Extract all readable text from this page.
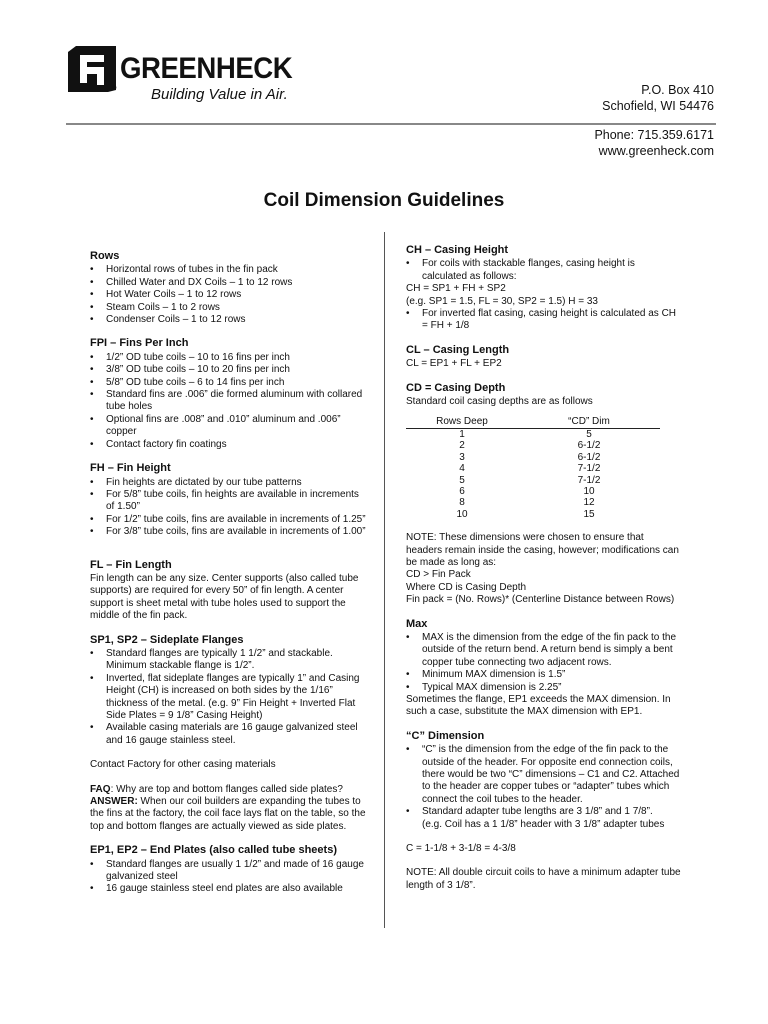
GREENHECK
® Building Value in Air.	P.O. Box 410
Schofield, WI 54476
Phone: 715.359.6171
www.greenheck.com
Coil Dimension Guidelines
Rows
• Horizontal rows of tubes in the fin pack
• Chilled Water and DX Coils – 1 to 12 rows
• Hot Water Coils – 1 to 12 rows
• Steam Coils – 1 to 2 rows
• Condenser Coils – 1 to 12 rows
FPI – Fins Per Inch
• 1/2” OD tube coils – 10 to 16 fins per inch
• 3/8” OD tube coils – 10 to 20 fins per inch
• 5/8” OD tube coils – 6 to 14 fins per inch
• Standard fins are .006” die formed aluminum with collared tube holes
• Optional fins are .008” and .010” aluminum and .006” copper
• Contact factory fin coatings
FH – Fin Height
• Fin heights are dictated by our tube patterns
• For 5/8” tube coils, fin heights are available in increments of 1.50”
• For 1/2” tube coils, fins are available in increments of 1.25”
• For 3/8” tube coils, fins are available in increments of 1.00”
FL – Fin Length

Fin length can be any size. Center supports (also called tube supports) are required for every 50” of fin length. A center support is sheet metal with tube holes used to support the middle of the fin pack.

SP1, SP2 – Sideplate Flanges
• Standard flanges are typically 1 1/2” and stackable. Minimum stackable flange is 1/2”.
• Inverted, flat sideplate flanges are typically 1” and Casing Height (CH) is increased on both sides by the 1/16” thickness of the metal. (e.g. 9” Fin Height + Inverted Flat Side Plates = 9 1/8” Casing Height)
• Available casing materials are 16 gauge galvanized steel and 16 gauge stainless steel.

Contact Factory for other casing materials

FAQ: Why are top and bottom flanges called side plates?

ANSWER: When our coil builders are expanding the tubes to the fins at the factory, the coil face lays flat on the table, so the top and bottom flanges are actually viewed as side plates.

EP1, EP2 – End Plates (also called tube sheets)
• Standard flanges are usually 1 1/2” and made of 16 gauge galvanized steel
• 16 gauge stainless steel end plates are also available
CH – Casing Height
• For coils with stackable flanges, casing height is calculated as follows:

CH = SP1 + FH + SP2

(e.g. SP1 = 1.5, FL = 30, SP2 = 1.5) H = 33

• For inverted flat casing, casing height is calculated as CH = FH + 1/8
CL – Casing Length

CL = EP1 + FL + EP2

CD = Casing Depth

Standard coil casing depths are as follows

Rows Deep	“CD” Dim
1	5
2	6-1/2
3	6-1/2
4	7-1/2
5	7-1/2
6	10
8	12
10	15

NOTE: These dimensions were chosen to ensure that headers remain inside the casing, however; modifications can be made as long as:

CD > Fin Pack

Where CD is Casing Depth

Fin pack = (No. Rows)* (Centerline Distance between Rows)

Max
• MAX is the dimension from the edge of the fin pack to the outside of the return bend. A return bend is simply a bent copper tube connecting two adjacent rows.
• Minimum MAX dimension is 1.5”
• Typical MAX dimension is 2.25”

Sometimes the flange, EP1 exceeds the MAX dimension. In such a case, substitute the MAX dimension with EP1.

“C” Dimension
• “C” is the dimension from the edge of the fin pack to the outside of the header. For opposite end connection coils, there would be two “C” dimensions – C1 and C2. Attached to the header are copper tubes or “adapter” tubes which connect the coil tubes to the header.
• Standard adapter tube lengths are 3 1/8” and 1 7/8”.

(e.g. Coil has a 1 1/8” header with 3 1/8” adapter tubes

C = 1-1/8 + 3-1/8 = 4-3/8

NOTE: All double circuit coils to have a minimum adapter tube length of 3 1/8”.
